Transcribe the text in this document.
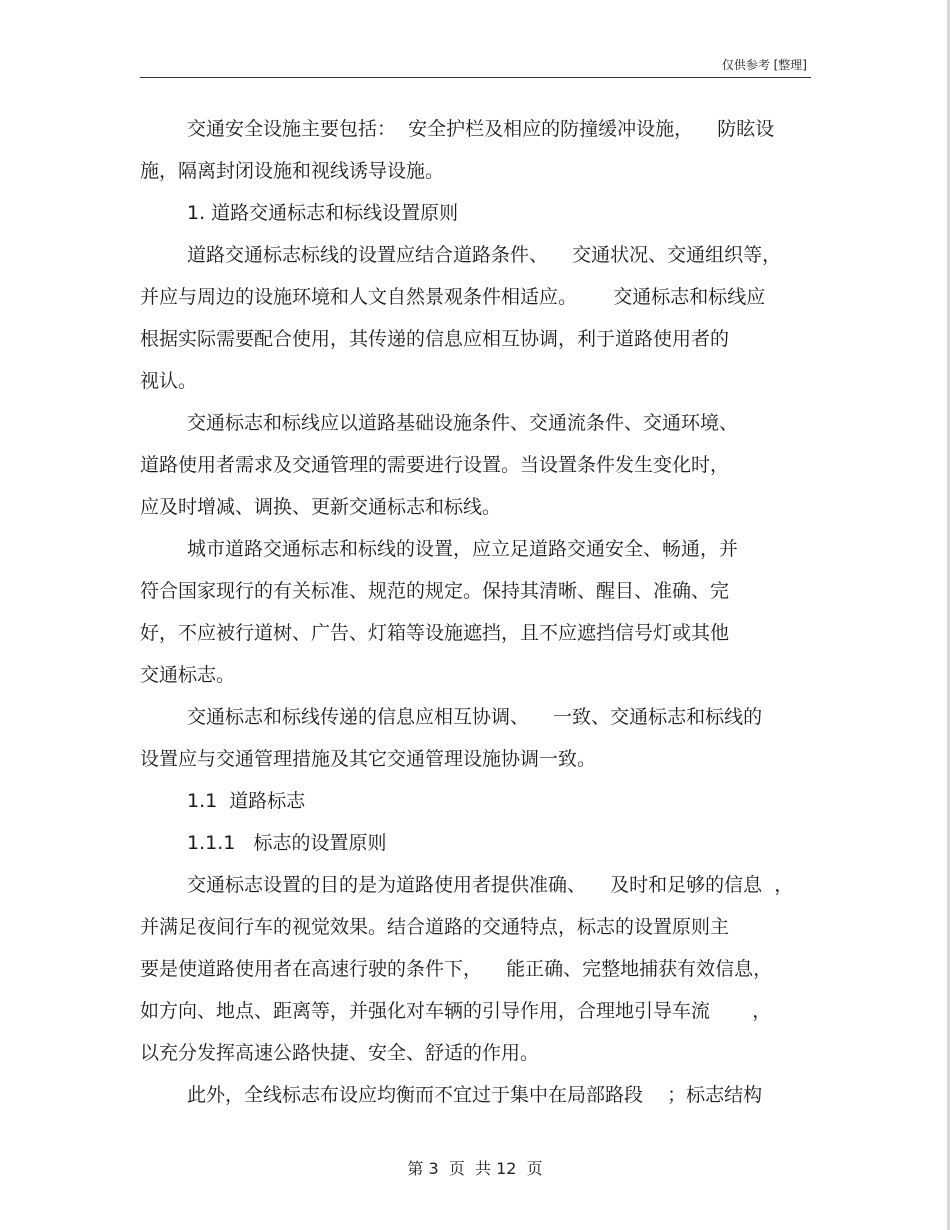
仅供参考 [整理]
交通安全设施主要包括：  安全护栏及相应的防撞缓冲设施，    防眩设
施，隔离封闭设施和视线诱导设施。
1. 道路交通标志和标线设置原则
道路交通标志标线的设置应结合道路条件、    交通状况、交通组织等，
并应与周边的设施环境和人文自然景观条件相适应。      交通标志和标线应
根据实际需要配合使用，其传递的信息应相互协调，利于道路使用者的
视认。
交通标志和标线应以道路基础设施条件、交通流条件、交通环境、
道路使用者需求及交通管理的需要进行设置。当设置条件发生变化时，
应及时增减、调换、更新交通标志和标线。
城市道路交通标志和标线的设置，应立足道路交通安全、畅通，并
符合国家现行的有关标准、规范的规定。保持其清晰、醒目、准确、完
好，不应被行道树、广告、灯箱等设施遮挡，且不应遮挡信号灯或其他
交通标志。
交通标志和标线传递的信息应相互协调、    一致、交通标志和标线的
设置应与交通管理措施及其它交通管理设施协调一致。
1.1  道路标志
1.1.1   标志的设置原则
交通标志设置的目的是为道路使用者提供准确、    及时和足够的信息  ，
并满足夜间行车的视觉效果。结合道路的交通特点，标志的设置原则主
要是使道路使用者在高速行驶的条件下，    能正确、完整地捕获有效信息，
如方向、地点、距离等，并强化对车辆的引导作用，合理地引导车流       ，
以充分发挥高速公路快捷、安全、舒适的作用。
此外，全线标志布设应均衡而不宜过于集中在局部路段    ；标志结构
第 3  页  共 12  页
